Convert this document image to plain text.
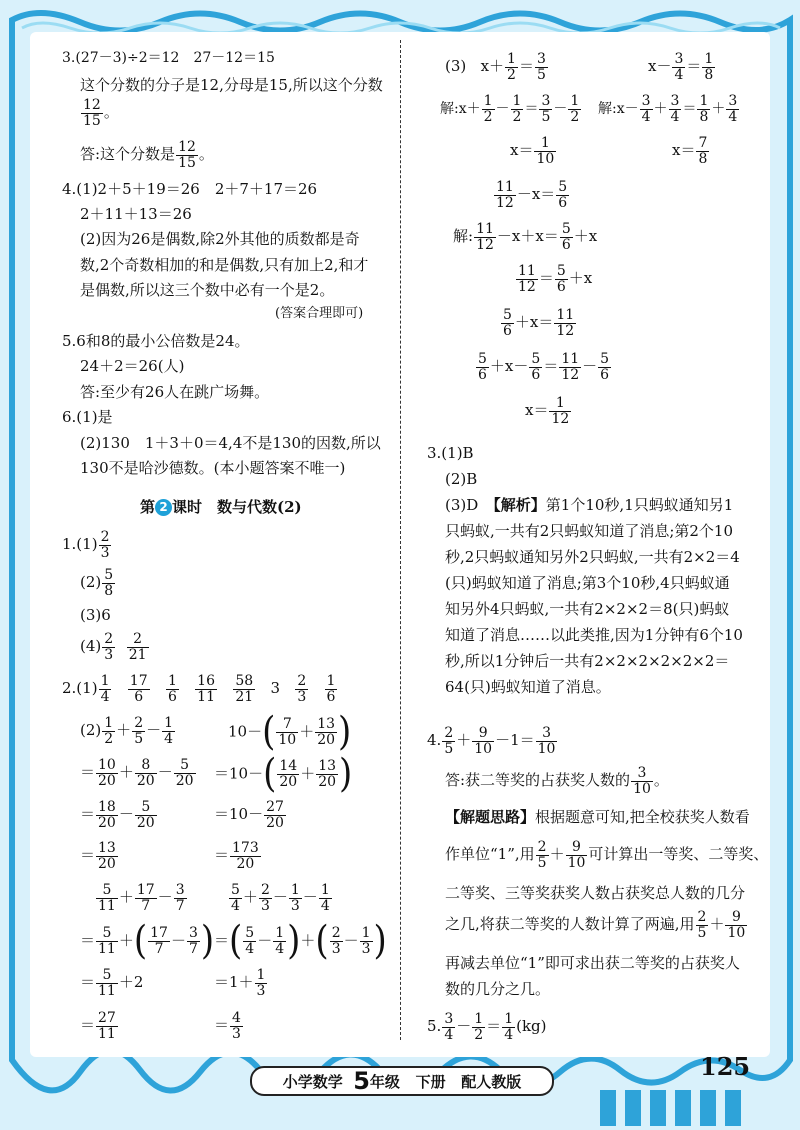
3.(27－3)÷2＝12　27－12＝15
这个分数的分子是12,分母是15,所以这个分数
$\frac{12}{15}$ 。
答:这个分数是 $\frac{12}{15}$ 。
4.(1)2＋5＋19＝26　2＋7＋17＝26
2＋11＋13＝26
(2)因为26是偶数,除2外其他的质数都是奇
数,2个奇数相加的和是偶数,只有加上2,和才
是偶数,所以这三个数中必有一个是2。
(答案合理即可)
5.6和8的最小公倍数是24。
24＋2＝26(人)
答:至少有26人在跳广场舞。
6.(1)是
(2)130　1＋3＋0＝4,4不是130的因数,所以
130不是哈沙德数。(本小题答案不唯一)
第 2 课时　数与代数(2)
$1.(1) \frac{2}{3}$
$(2) \frac{5}{8}$
(3)6
$(4) \frac{2}{3}$
$\frac{2}{21}$
$2.(1) \frac{1}{4}$
$\frac{17}{6}$
$\frac{1}{6}$
$\frac{16}{11}$
$\frac{58}{21} 3 \frac{2}{3}$
$\frac{1}{6}$
$(2) \frac{1}{2} + \frac{2}{5} - \frac{1}{4}$
＝ $\frac{10}{20} + \frac{8}{20} - \frac{5}{20}$
＝ $\frac{18}{20} - \frac{5}{20}$
＝ $\frac{13}{20}$
$10-( \frac{7}{10} + \frac{13}{20}$ )
$=10-( \frac{14}{20} + \frac{13}{20}$ )
$=10- \frac{27}{20}$
＝ $\frac{173}{20}$
$\frac{5}{11} + \frac{17}{7} - \frac{3}{7}$
＝ $\frac{5}{11}$ ＋( $\frac{17}{7} - \frac{3}{7}$ )
＝ $\frac{5}{11} +2$
＝ $\frac{27}{11}$
$\frac{5}{4} + \frac{2}{3} - \frac{1}{3} - \frac{1}{4}$
＝( $\frac{5}{4} - \frac{1}{4}$ )＋( $\frac{2}{3} - \frac{1}{3}$ )
$=1+ \frac{1}{3}$
＝ $\frac{4}{3}$
(3) $x+ \frac{1}{2} = \frac{3}{5}$	$x- \frac{3}{4} = \frac{1}{8}$
解:x＋ $\frac{1}{2} - \frac{1}{2} = \frac{3}{5} - \frac{1}{2}$ 解:x－ $\frac{3}{4} + \frac{3}{4} = \frac{1}{8} + \frac{3}{4}$
$x= \frac{1}{10}$	$x= \frac{7}{8}$
$\frac{11}{12} -x= \frac{5}{6}$
解: $\frac{11}{12} -x+x= \frac{5}{6} +x$
$\frac{11}{12} = \frac{5}{6} +x$
$\frac{5}{6} +x= \frac{11}{12}$
$\frac{5}{6} +x- \frac{5}{6} = \frac{11}{12} - \frac{5}{6}$
$x= \frac{1}{12}$
3.(1)B
(2)B
(3)D　【解析】第1个10秒,1只蚂蚁通知另1
只蚂蚁,一共有2只蚂蚁知道了消息;第2个10
秒,2只蚂蚁通知另外2只蚂蚁,一共有2×2＝4
(只)蚂蚁知道了消息;第3个10秒,4只蚂蚁通
知另外4只蚂蚁,一共有2×2×2＝8(只)蚂蚁
知道了消息……以此类推,因为1分钟有6个10
秒,所以1分钟后一共有2×2×2×2×2×2＝
64(只)蚂蚁知道了消息。
4. $\frac{2}{5} + \frac{9}{10} -1= \frac{3}{10}$
答:获二等奖的占获奖人数的 $\frac{3}{10}$ 。
【解题思路】根据题意可知,把全校获奖人数看
作单位“1”,用 $\frac{2}{5} + \frac{9}{10}$ 可计算出一等奖、二等奖、
二等奖、三等奖获奖人数占获奖总人数的几分
之几,将获二等奖的人数计算了两遍,用 $\frac{2}{5} + \frac{9}{10}$
再减去单位“1”即可求出获二等奖的占获奖人
数的几分之几。
5. $\frac{3}{4} - \frac{1}{2} = \frac{1}{4} (kg)$
125
小学数学 5年级 下册 配人教版
